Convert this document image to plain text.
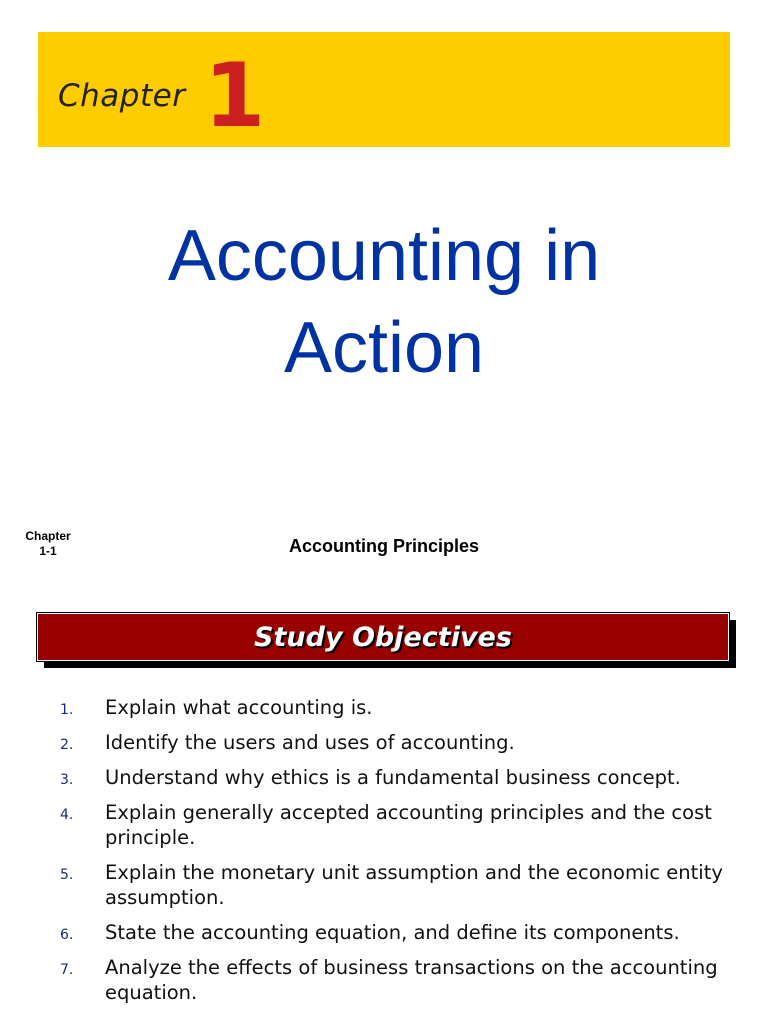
Chapter 1
Accounting in
Action
Chapter
1-1	Accounting Principles
Study Objectives
1. Explain what accounting is.
2. Identify the users and uses of accounting.
3. Understand why ethics is a fundamental business concept.
4. Explain generally accepted accounting principles and the cost principle.
5. Explain the monetary unit assumption and the economic entity assumption.
6. State the accounting equation, and define its components.
7. Analyze the effects of business transactions on the accounting equation.
